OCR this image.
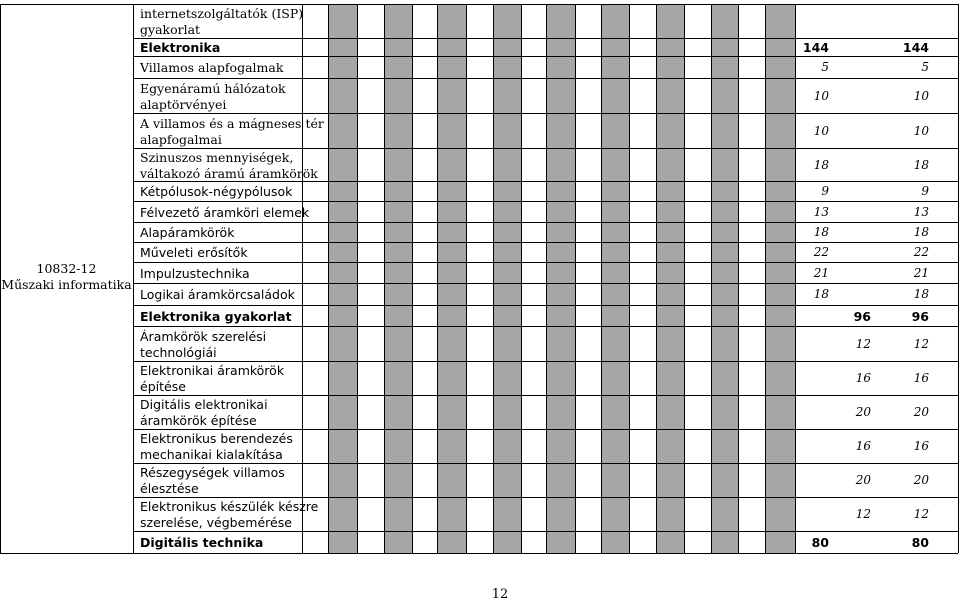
10832-12
Műszaki informatika
internetszolgáltatók (ISP)
gyakorlat
Elektronika	144	144
Villamos alapfogalmak	5	5
Egyenáramú hálózatok
alaptörvényei
10	10
A villamos és a mágneses tér
alapfogalmai
10	10
Szinuszos mennyiségek,
váltakozó áramú áramkörök
18	18
Kétpólusok-négypólusok	9	9
Félvezető áramköri elemek	13	13
Alapáramkörök	18	18
Műveleti erősítők	22	22
Impulzustechnika	21	21
Logikai áramkörcsaládok	18	18
Elektronika gyakorlat	96	96
Áramkörök szerelési
technológiái
12	12
Elektronikai áramkörök
építése
16	16
Digitális elektronikai
áramkörök építése
20	20
Elektronikus berendezés
mechanikai kialakítása
16	16
Részegységek villamos
élesztése
20	20
Elektronikus készülék készre
szerelése, végbemérése
12	12
Digitális technika	80	80
12
